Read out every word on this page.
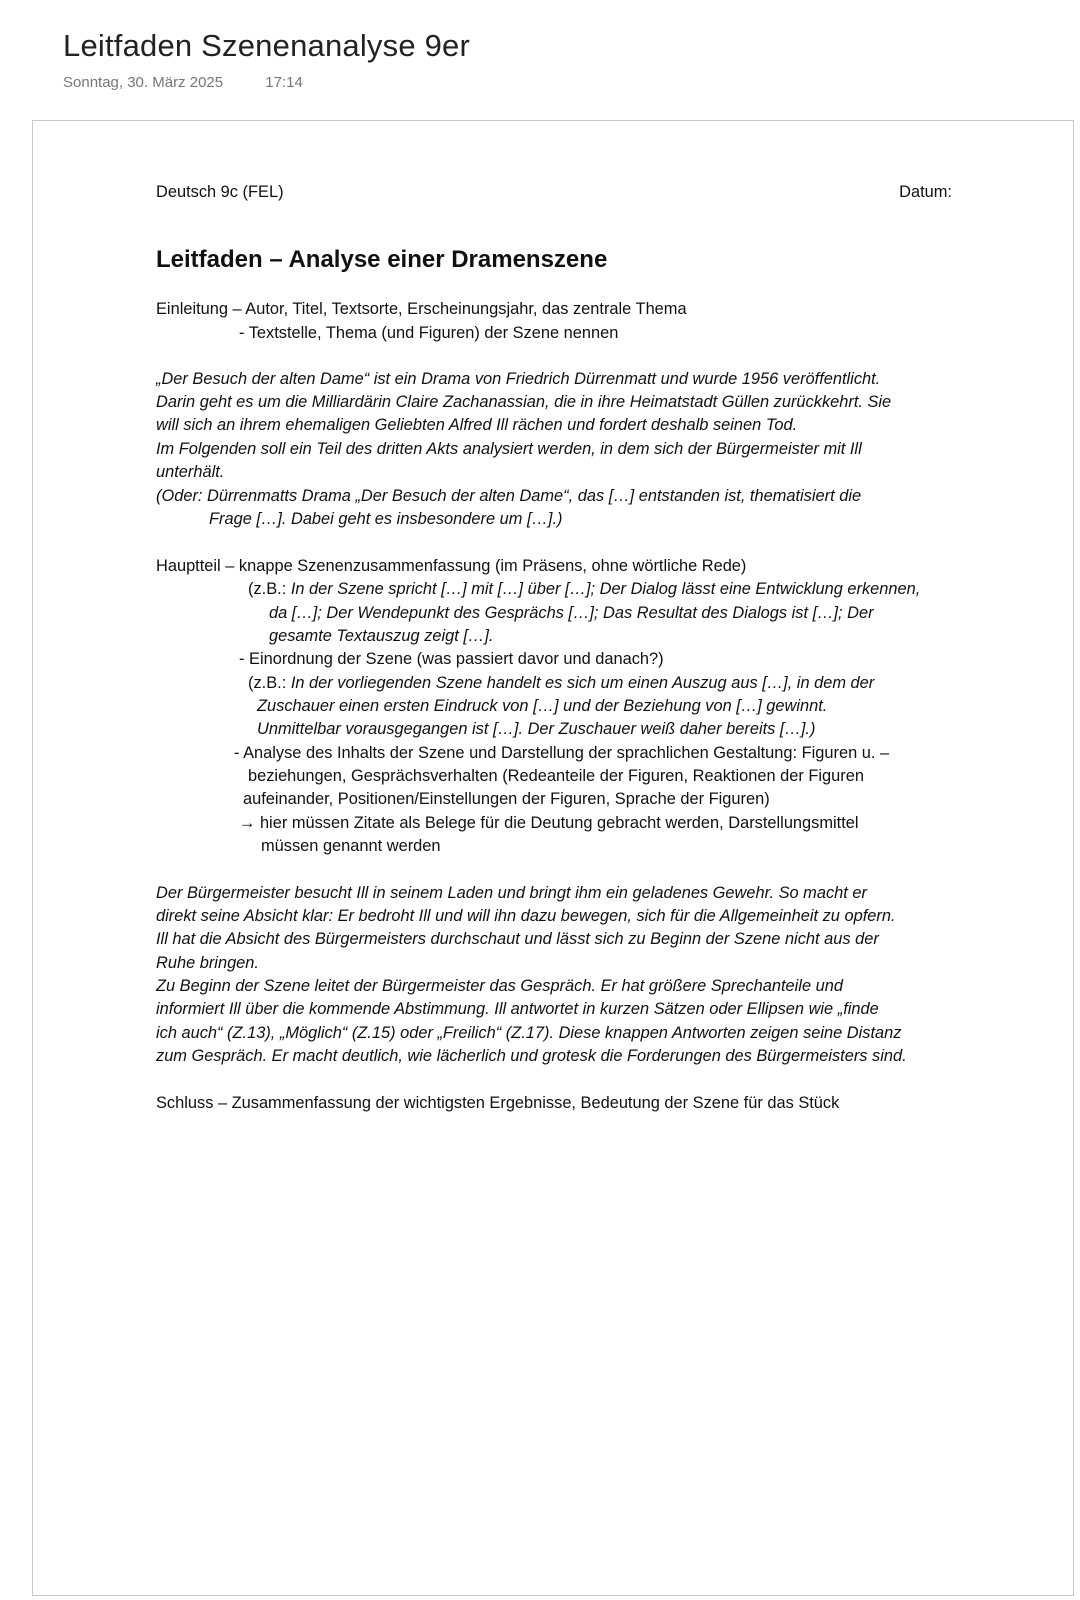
Leitfaden Szenenanalyse 9er
Sonntag, 30. März 2025	17:14
Deutsch 9c (FEL)	Datum:
Leitfaden – Analyse einer Dramenszene
Einleitung – Autor, Titel, Textsorte, Erscheinungsjahr, das zentrale Thema
- Textstelle, Thema (und Figuren) der Szene nennen
„Der Besuch der alten Dame“ ist ein Drama von Friedrich Dürrenmatt und wurde 1956 veröffentlicht.
Darin geht es um die Milliardärin Claire Zachanassian, die in ihre Heimatstadt Güllen zurückkehrt. Sie
will sich an ihrem ehemaligen Geliebten Alfred Ill rächen und fordert deshalb seinen Tod.
Im Folgenden soll ein Teil des dritten Akts analysiert werden, in dem sich der Bürgermeister mit Ill
unterhält.
(Oder: Dürrenmatts Drama „Der Besuch der alten Dame“, das […] entstanden ist, thematisiert die
Frage […]. Dabei geht es insbesondere um […].)
Hauptteil – knappe Szenenzusammenfassung (im Präsens, ohne wörtliche Rede)
(z.B.: In der Szene spricht […] mit […] über […]; Der Dialog lässt eine Entwicklung erkennen,
da […]; Der Wendepunkt des Gesprächs […]; Das Resultat des Dialogs ist […]; Der
gesamte Textauszug zeigt […].
- Einordnung der Szene (was passiert davor und danach?)
(z.B.: In der vorliegenden Szene handelt es sich um einen Auszug aus […], in dem der
Zuschauer einen ersten Eindruck von […] und der Beziehung von […] gewinnt.
Unmittelbar vorausgegangen ist […]. Der Zuschauer weiß daher bereits […].)
- Analyse des Inhalts der Szene und Darstellung der sprachlichen Gestaltung: Figuren u. –
beziehungen, Gesprächsverhalten (Redeanteile der Figuren, Reaktionen der Figuren
aufeinander, Positionen/Einstellungen der Figuren, Sprache der Figuren)
→ hier müssen Zitate als Belege für die Deutung gebracht werden, Darstellungsmittel
müssen genannt werden
Der Bürgermeister besucht Ill in seinem Laden und bringt ihm ein geladenes Gewehr. So macht er
direkt seine Absicht klar: Er bedroht Ill und will ihn dazu bewegen, sich für die Allgemeinheit zu opfern.
Ill hat die Absicht des Bürgermeisters durchschaut und lässt sich zu Beginn der Szene nicht aus der
Ruhe bringen.
Zu Beginn der Szene leitet der Bürgermeister das Gespräch. Er hat größere Sprechanteile und
informiert Ill über die kommende Abstimmung. Ill antwortet in kurzen Sätzen oder Ellipsen wie „finde
ich auch“ (Z.13), „Möglich“ (Z.15) oder „Freilich“ (Z.17). Diese knappen Antworten zeigen seine Distanz
zum Gespräch. Er macht deutlich, wie lächerlich und grotesk die Forderungen des Bürgermeisters sind.
Schluss – Zusammenfassung der wichtigsten Ergebnisse, Bedeutung der Szene für das Stück
